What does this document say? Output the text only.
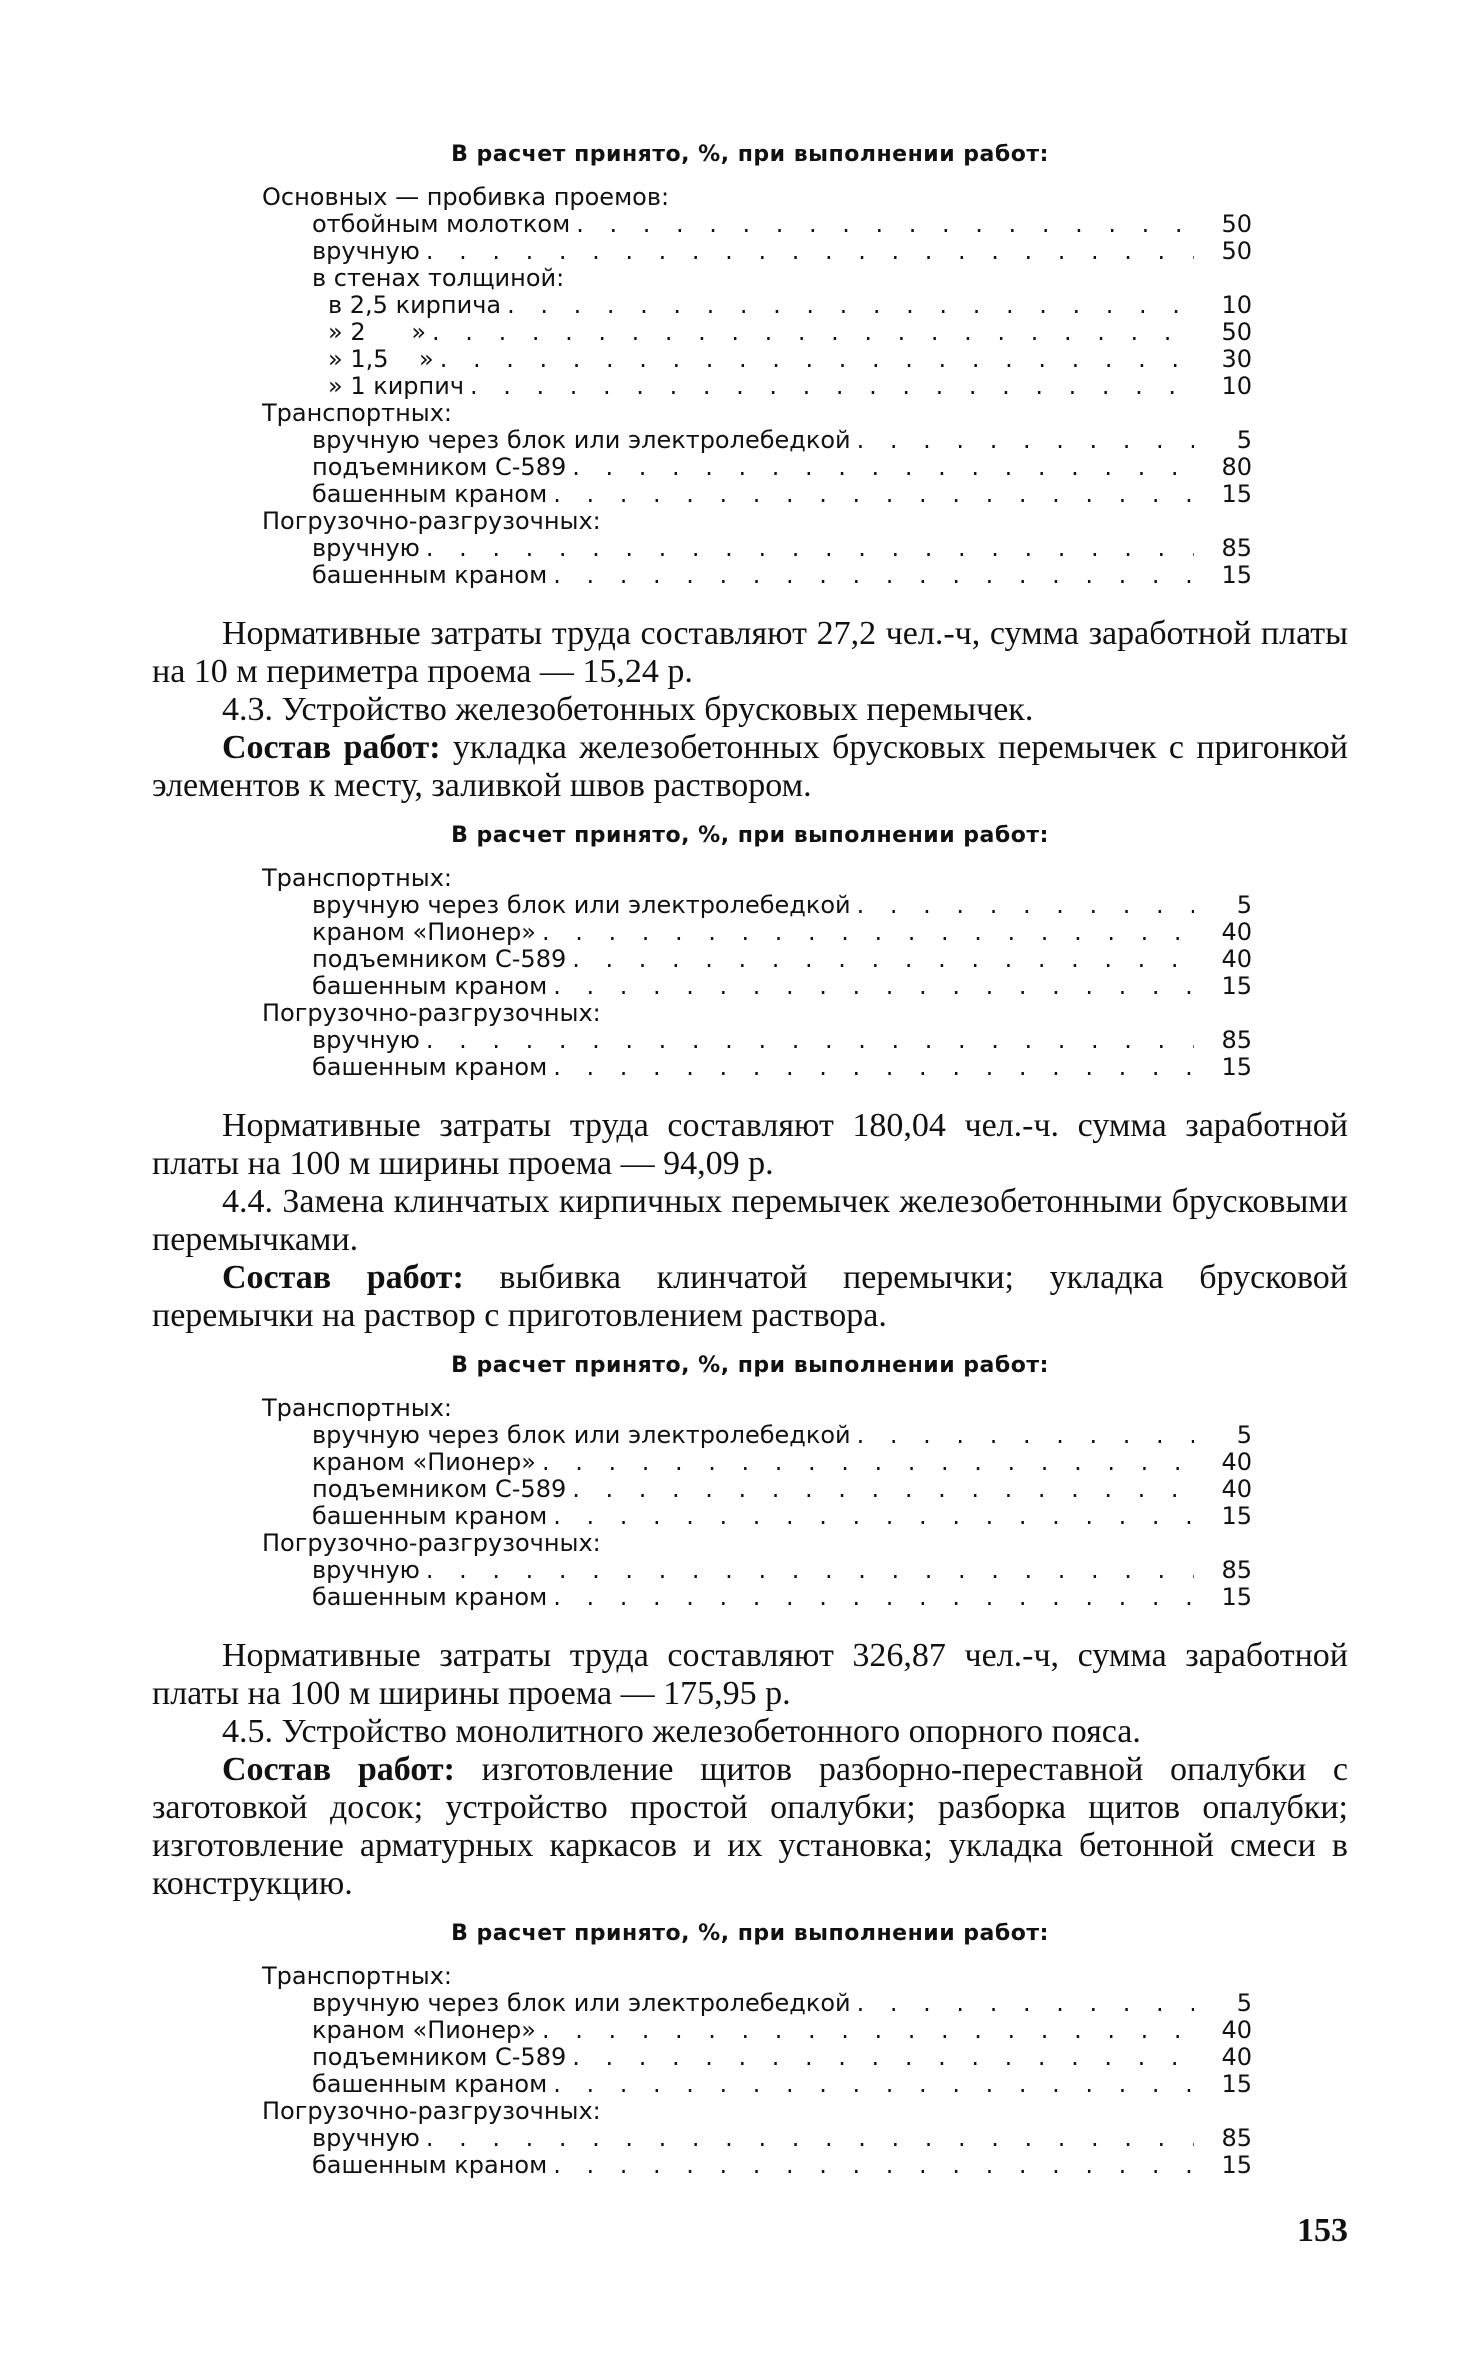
В расчет принято, %, при выполнении работ:

Основных — пробивка проемов:

отбойным молотком . . .	50
вручную . . .	50
в стенах толщиной:
в 2,5 кирпича . . .	10
» 2      » . . .	50
» 1,5    » . . .	30
» 1 кирпич . . .	10

Транспортных:

вручную через блок или электролебедкой . . .	5
подъемником С-589 . . .	80
башенным краном . . .	15

Погрузочно-разгрузочных:

вручную . . .	85
башенным краном . . .	15

Нормативные затраты труда составляют 27,2 чел.-ч, сумма заработной платы на 10 м периметра проема — 15,24 р.

4.3. Устройство железобетонных брусковых перемычек.

Состав работ: укладка железобетонных брусковых перемычек с пригонкой элементов к месту, заливкой швов раствором.

В расчет принято, %, при выполнении работ:

Транспортных:

вручную через блок или электролебедкой . . .	5
краном «Пионер» . . .	40
подъемником С-589 . . .	40
башенным краном . . .	15

Погрузочно-разгрузочных:

вручную . . .	85
башенным краном . . .	15

Нормативные затраты труда составляют 180,04 чел.-ч. сумма заработной платы на 100 м ширины проема — 94,09 р.

4.4. Замена клинчатых кирпичных перемычек железобетонными брусковыми перемычками.

Состав работ: выбивка клинчатой перемычки; укладка брусковой перемычки на раствор с приготовлением раствора.

В расчет принято, %, при выполнении работ:

Транспортных:

вручную через блок или электролебедкой . . .	5
краном «Пионер» . . .	40
подъемником С-589 . . .	40
башенным краном . . .	15

Погрузочно-разгрузочных:

вручную . . .	85
башенным краном . . .	15

Нормативные затраты труда составляют 326,87 чел.-ч, сумма заработной платы на 100 м ширины проема — 175,95 р.

4.5. Устройство монолитного железобетонного опорного пояса.

Состав работ: изготовление щитов разборно-переставной опалубки с заготовкой досок; устройство простой опалубки; разборка щитов опалубки; изготовление арматурных каркасов и их установка; укладка бетонной смеси в конструкцию.

В расчет принято, %, при выполнении работ:

Транспортных:

вручную через блок или электролебедкой . . .	5
краном «Пионер» . . .	40
подъемником С-589 . . .	40
башенным краном . . .	15

Погрузочно-разгрузочных:

вручную . . .	85
башенным краном . . .	15
153
